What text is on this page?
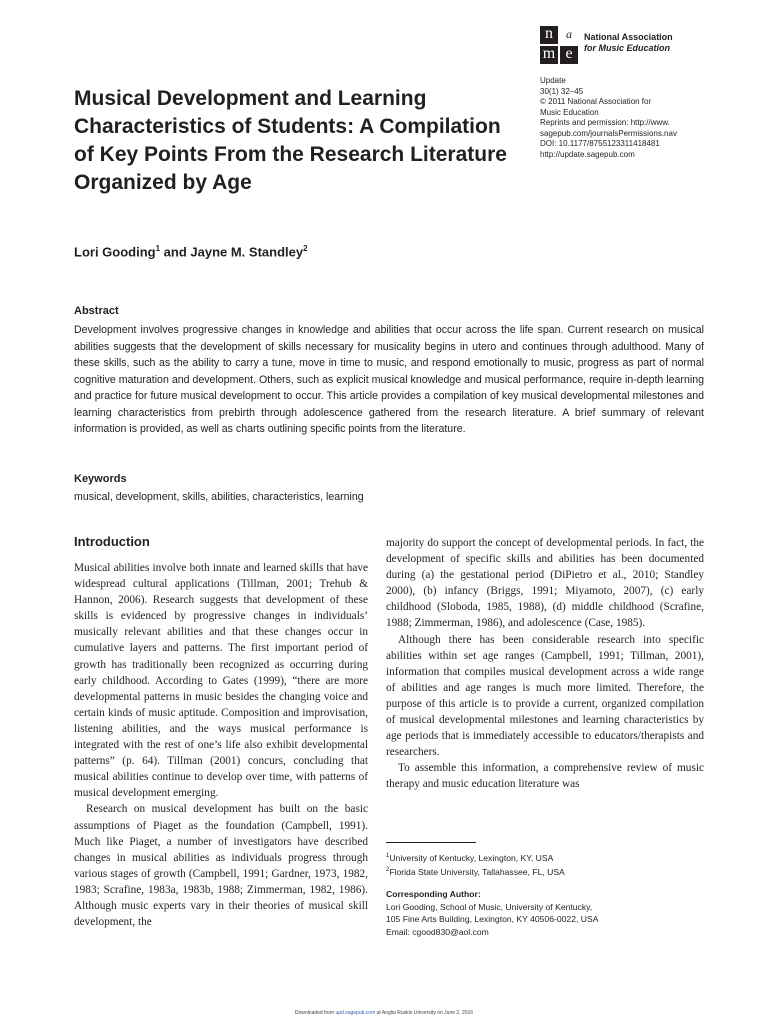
n	a
m e
National Association
for Music Education
Update
30(1) 32–45
© 2011 National Association for
Music Education
Reprints and permission: http://www.
sagepub.com/journalsPermissions.nav
DOI: 10.1177/8755123311418481
http://update.sagepub.com
Musical Development and Learning Characteristics of Students: A Compilation of Key Points From the Research Literature Organized by Age
Lori Gooding$^1$ and Jayne M. Standley$^2$
Abstract

Development involves progressive changes in knowledge and abilities that occur across the life span. Current research on musical abilities suggests that the development of skills necessary for musicality begins in utero and continues through adulthood. Many of these skills, such as the ability to carry a tune, move in time to music, and respond emotionally to music, progress as part of normal cognitive maturation and development. Others, such as explicit musical knowledge and musical performance, require in-depth learning and practice for future musical development to occur. This article provides a compilation of key musical developmental milestones and learning characteristics from prebirth through adolescence gathered from the research literature. A brief summary of relevant information is provided, as well as charts outlining specific points from the literature.

Keywords
musical, development, skills, abilities, characteristics, learning
Introduction

Musical abilities involve both innate and learned skills that have widespread cultural applications (Tillman, 2001; Trehub & Hannon, 2006). Research suggests that development of these skills is evidenced by progressive changes in individuals’ musically relevant abilities and that these changes occur in cumulative layers and patterns. The first important period of growth has traditionally been recognized as occurring during early childhood. According to Gates (1999), “there are more developmental patterns in music besides the changing voice and certain kinds of music aptitude. Composition and improvisation, listening abilities, and the ways musical performance is integrated with the rest of one’s life also exhibit developmental patterns” (p. 64). Tillman (2001) concurs, concluding that musical abilities continue to develop over time, with patterns of musical development emerging.

Research on musical development has built on the basic assumptions of Piaget as the foundation (Campbell, 1991). Much like Piaget, a number of investigators have described changes in musical abilities as individuals progress through various stages of growth (Campbell, 1991; Gardner, 1973, 1982, 1983; Scrafine, 1983a, 1983b, 1988; Zimmerman, 1982, 1986). Although music experts vary in their theories of musical skill development, the

majority do support the concept of developmental periods. In fact, the development of specific skills and abilities has been documented during (a) the gestational period (DiPietro et al., 2010; Standley 2000), (b) infancy (Briggs, 1991; Miyamoto, 2007), (c) early childhood (Sloboda, 1985, 1988), (d) middle childhood (Scrafine, 1988; Zimmerman, 1986), and adolescence (Case, 1985).

Although there has been considerable research into specific abilities within set age ranges (Campbell, 1991; Tillman, 2001), information that compiles musical development across a wide range of abilities and age ranges is much more limited. Therefore, the purpose of this article is to provide a current, organized compilation of musical developmental milestones and learning characteristics by age periods that is immediately accessible to educators/therapists and researchers.

To assemble this information, a comprehensive review of music therapy and music education literature was

$^1$University of Kentucky, Lexington, KY, USA
$^2$Florida State University, Tallahassee, FL, USA
Corresponding Author:
Lori Gooding, School of Music, University of Kentucky,
105 Fine Arts Building, Lexington, KY 40506-0022, USA
Email: cgood830@aol.com
Downloaded from upd.sagepub.com at Anglia Ruskin University on June 2, 2016
